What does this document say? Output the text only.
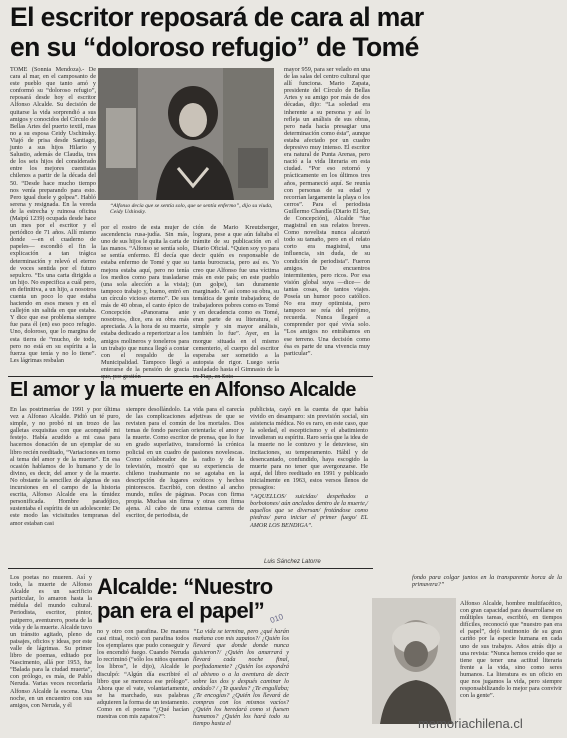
El escritor reposará de cara al mar
en su “doloroso refugio” de Tomé

TOME (Sonnia Mendoza).- De cara al mar, en el camposanto de este pueblo que tanto amó y conformó su “doloroso refugio”, reposará desde hoy el escritor Alfonso Alcalde. Su decisión de quitarse la vida sorprendió a sus amigos y conocidos del Círculo de Bellas Artes del puerto textil, mas no a su esposa Ceidy Uschinsky. Viajó de prisa desde Santiago, junto a sus hijos Hilario y Salustio, además de Claudia, tres de los seis hijos del considerado entre los mejores cuentistas chilenos a partir de la década del 50. “Desde hace mucho tiempo nos venía preparando para esto. Pero igual duele y golpea”. Habló serena y resignada. En la vereda de la estrecha y ruinosa oficina (Maipú 1239) ocupada desde hace un mes por el escritor y el periódico de 71 años. Allí mismo donde —en el cuaderno de papeles— escondió el fin la explicación a tan trágica determinación y relevó el eterno de voces sentida por el futuro sepulcro. “Es una carta dirigida a un hijo. No especifica a cuál pero, en definitiva, a un hijo, a nosotros cuenta un poco lo que estaba haciendo en esos meses y en el callejón sin salida en que estaba. Y dice que ese problema siempre fue para él (en) eso poco refugio. Uno, doloroso, que lo margina de esta tierra de “mucho, de todo, pero no está en su espíritu a la fuerza que tenía y no lo tiene”. Les lágrimas resbalan

“Alfonso decía que se sentía solo, que se sentía enfermo”, dijo su viuda, Ceidy Ushinsky.

por el rostro de esta mujer de ascendencia rusa-judía. Sin más, uno de sus hijos le quita la carta de las manos. “Alfonso se sentía solo, se sentía enfermo. Él decía que estaba enfermo de Tomé y que su mejora estaba aquí, pero no tenía los medios como para trasladarse (una sola aleccíón a la vista); tampoco trabajo y, bueno, entró en un círculo vicioso eterno”. De sus más de 40 obras, el canto épico de Concepción «Panorama ante nosotros», dice, era su obra más apreciada. A la hora de su muerte, estaba dedicado a repertorizar a los amigos molineros y toneleros para un trabajo que nunca llegó a contar con el respaldo de la Municipalidad. Tampoco llegó a enterarse de la pensión de gracia

ción de Mario Kreutzberger, lograra, pese a que aún faltaba el trámite de su publicación en el Diario Oficial. “Quien soy yo para decir quién es responsable de tanta burocracia, pero así es. Yo creo que Alfonso fue una víctima más en este país; en este pueblo (un golpe), tan duramente marginado. Y así como su obra, su temática de gente trabajadora; de trabajadores pobres como es Tomé y en decadencia como es Tomé, eran parte de su literatura, el simple y sin mayor análisis, también lo fue”. Ayer, en la morgue situada en el mismo cementerio, el cuerpo del escritor esperaba ser sometido a la autopsia de rigor. Luego sería trasladado hasta el Gimnasio de la

mayor 959, para ser velado en una de las salas del centro cultural que allí funciona. Mario Zapata, presidente del Círculo de Bellas Artes y su amigo por más de dos décadas, dijo: “La soledad era inherente a su persona y así lo refleja un análisis de sus obras, pero nada hacía presagiar una determinación como ésta”, aunque estaba afectado por un cuadro depresivo muy intenso. El escritor era natural de Punta Arenas, pero nació a la vida literaria en esta ciudad. “Por eso retornó y prácticamente en los últimos tres años, permaneció aquí. Se reunía con personas de su edad y recorrían largamente la playa o los cerros”. Para el periodista Guillermo Chandía (Diario El Sur, de Concepción), Alcalde “fue magistral en sus relatos breves. Como novelista nunca alcanzó todo su tamaño, pero en el relato corto era magistral, una influencia, sin duda, de su condición de periodista”. Fueron amigos. De encuentros intermitentes, pero ricos. Por esa visión global suya —dice— de tantas cosas, de tantos viajes. Poseía un humor poco católico. No era muy optimista, pero tampoco se reía del prójimo, recuerda. Nunca llegaré a comprender por qué vivía solo. “Los amigos no entrábamos en ese terreno. Una decisión como ésa es parte de una vivencia muy particular”.

El amor y la muerte en Alfonso Alcalde

En las postrimerías de 1991 y por última vez a Alfonso Alcalde. Pidió un té puro, simple, y no probó ni un trozo de las galletas exquisitas con que acompañé mi festejo. Había acudido a mi casa para hacernos donación de un ejemplar de su libro recién reeditado, “Variaciones en torno al tema del amor y de la muerte”. En esa ocasión hablamos de lo humano y de lo divino, es decir, del amor y de la muerte. No obstante la sencillez de algunas de sus incursiones en el campo de la historia escrita, Alfonso Alcalde era la tímidez personificada. Hombre paradójico, sustentaba el espíritu de un adolescente: De este modo las vicisitudes tempranas del amor estaban casi

siempre desollándolo. La vida para el carecía de las complicaciones adjetivas de que se revisten para el común de los mortales. Dos temas de fondo parecían orientarla: el amor y la muerte. Como escritor de prensa, que lo fue en grado superlativo, transformó la crónica policial en un cuadro de pasiones novelescas. Como colaborador de la radio y de la televisión, mostró que su experiencia de chileno trashumante no se agotaba en la descripción de lugares exóticos y hechos pintorescos. Escribió, con destino al ancho mundo, miles de páginas. Pocas con firma propia. Muchas sin firma y otras con firma ajena. Al cabo de una extensa carrera de escritor, de periodista, de

publicista, cayó en la cuenta de que había vivido en desamparo: sin previsión social, sin asistencia médica. No es raro, en este caso, que la soledad, el escepticismo y el abatimiento invadieran su espíritu. Raro sería que la idea de la muerte no le contuvo y le detuviese, sin incitaciones, su temperamento. Hábil y de desencantado, confundido, haya escogido la muerte para no tener que avergonzarse. He aquí, del libro reeditado en 1991 y publicado inicialmente en 1963, estos versos llenos de presagios:

“AQUELLOS/ suicidas/ despeñados a borbotones/ aún anclados dentro de la muerte,/ aquellos que se diversan/ frotándose como piedras/ para iniciar el primer fuego/ EL AMOR LOS BENDIGA”.

Luis Sánchez Latorre

Los poetas no mueren. Así y todo, la muerte de Alfonso Alcalde es un sacrificio particular, lo amaron hasta la médula del mundo cultural. Periodista, escritor, pintor, patiperro, aventurero, poeta de la vida y de la muerte. Alcalde tuvo un tránsito agitado, pleno de paisajes, oficios y ideas, por este valle de lágrimas. Su primer libro de poemas, editado por Nascimento, allá por 1953, fue “Balada para la ciudad muerta”, con prólogo, es más, de Pablo Neruda. Varias veces recordaría Alfonso Alcalde la escena. Una noche, en un encuentro con sus amigos, con Neruda, y él

Alcalde: “Nuestro
pan era el papel” 010

no y otro con parafina. De manera casi ritual, roció con parafina todos los ejemplares que pudo conseguir y los encendió fuego. Cuando Neruda lo recriminó (“sólo los niños queman los libros”, le dijo), Alcalde le disculpó: “Algún día escribiré el libro que se merezca ese prólogo”. Ahora que el vate, volantariamente, se ha marchado, sus palabras adquieren la forma de un testamento. Como en el poema “¿Qué hacían nuestras con mis zapatos?”:

“La vida se termina, pero ¿qué harán mañana con mis zapatos?/ ¿Quién los llevará que donde donde nunca quisieron?/ ¿Quién los amarrará y llevará cada noche final, porfiadamente? ¿Quién los expondrá al abismo o a la aventura de decir sobre las dos y después caminar lo andado? / ¿Te quedas? ¿Te engullaba; ¿Te encogías? ¿Quién los llevará de compras con los mismos vacíos? ¿Quién los heredará como si fuesen humanos? ¿Quién los hará todo su tiempo hasta el

fondo para colgar juntos en la transparente horca de la primavera?”

Alfonso Alcalde, hombre multifacético, con gran capacidad para desarrollarse en múltiples tareas, escribió, en tiempos difíciles, reconoció que “nuestro pan era el papel”, dejó testimonio de su gran cariño por la especie humana en cada uno de sus trabajos. Años atrás dijo a una revista: “Nunca hemos creído que se tiene que tener una actitud literaria frente a la vida, sino como seres humanos. La literatura es un oficio en que nos jugamos la vida, pero siempre responsabilizando lo mejor para convivir con la gente”.

memoriachilena.cl
